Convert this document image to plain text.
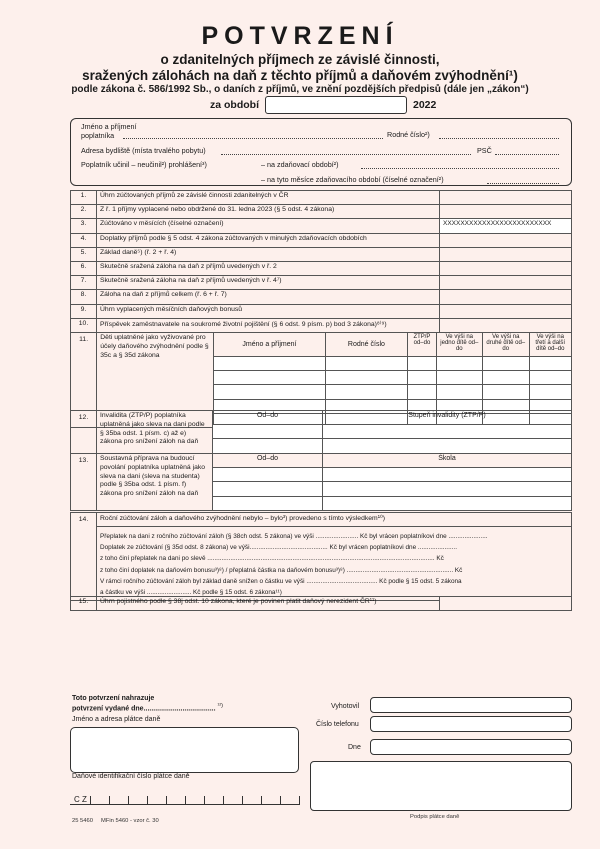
POTVRZENÍ
o zdanitelných příjmech ze závislé činnosti,
sražených zálohách na daň z těchto příjmů a daňovém zvýhodnění¹)
podle zákona č. 586/1992 Sb., o daních z příjmů, ve znění pozdějších předpisů (dále jen „zákon“)
za období	2022
Jméno a příjmení
poplatníka	Rodné číslo²)
Adresa bydliště (místa trvalého pobytu)	PSČ
Poplatník učinil – neučinil²) prohlášení³)	– na zdaňovací období²)
– na tyto měsíce zdaňovacího období (číselné označení²)
1.	Úhrn zúčtovaných příjmů ze závislé činnosti zdanitelných v ČR	
2.	Z ř. 1 příjmy vyplacené nebo obdržené do 31. ledna 2023 (§ 5 odst. 4 zákona)	
3.	Zúčtováno v měsících (číselné označení)	XXXXXXXXXXXXXXXXXXXXXXXXX
4.	Doplatky příjmů podle § 5 odst. 4 zákona zúčtovaných v minulých zdaňovacích obdobích	
5.	Základ daně⁵) (ř. 2 + ř. 4)	
6.	Skutečně sražená záloha na daň z příjmů uvedených v ř. 2	
7.	Skutečně sražená záloha na daň z příjmů uvedených v ř. 4⁷)	
8.	Záloha na daň z příjmů celkem (ř. 6 + ř. 7)	
9.	Úhrn vyplacených měsíčních daňových bonusů	
10.	Příspěvek zaměstnavatele na soukromé životní pojištění (§ 6 odst. 9 písm. p) bod 3 zákona)⁸⁾⁹)	
11.	Děti uplatněné jako vyživované pro účely daňového zvýhodnění podle § 35c a § 35d zákona	Jméno a příjmení	Rodné číslo	ZTP/P od–do	Ve výši na jedno dítě od–do	Ve výši na druhé dítě od–do	Ve výši na třetí a další dítě od–do

12.	Invalidita (ZTP/P) poplatníka uplatněná jako sleva na dani podle § 35ba odst. 1 písm. c) až e) zákona pro snížení záloh na daň	Od–do	Stupeň invalidity (ZTP/P)

13.	Soustavná příprava na budoucí povolání poplatníka uplatněná jako sleva na dani (sleva na studenta) podle § 35ba odst. 1 písm. f) zákona pro snížení záloh na daň	Od–do	Škola

14.	Roční zúčtování záloh a daňového zvýhodnění nebylo – bylo³) provedeno s tímto výsledkem¹⁰)

Přeplatek na dani z ročního zúčtování záloh (§ 38ch odst. 5 zákona) ve výši ........................ Kč byl vrácen poplatníkovi dne ......................
Doplatek ze zúčtování (§ 35d odst. 8 zákona) ve výši............................................ Kč byl vrácen poplatníkovi dne ......................
z toho činí přeplatek na dani po slevě ................................................................................................................................ Kč
z toho činí doplatek na daňovém bonusu³)⁸) / přeplatná částka na daňovém bonusu³)⁸) ............................................................ Kč
V rámci ročního zúčtování záloh byl základ daně snížen o částku ve výši ........................................ Kč podle § 15 odst. 5 zákona
a částku ve výši ......................... Kč podle § 15 odst. 6 zákona¹¹)
15.	Úhrn pojistného podle § 38j odst. 10 zákona, které je povinen platit daňový nerezident ČR¹¹)	
Toto potvrzení nahrazuje
potvrzení vydané dne..................................... $^{^{12})}$
Jméno a adresa plátce daně
Daňové identifikační číslo plátce daně
C Z
Vyhotovil
Číslo telefonu
Dne
Podpis plátce daně
25 5460     MFin 5460 - vzor č. 30
